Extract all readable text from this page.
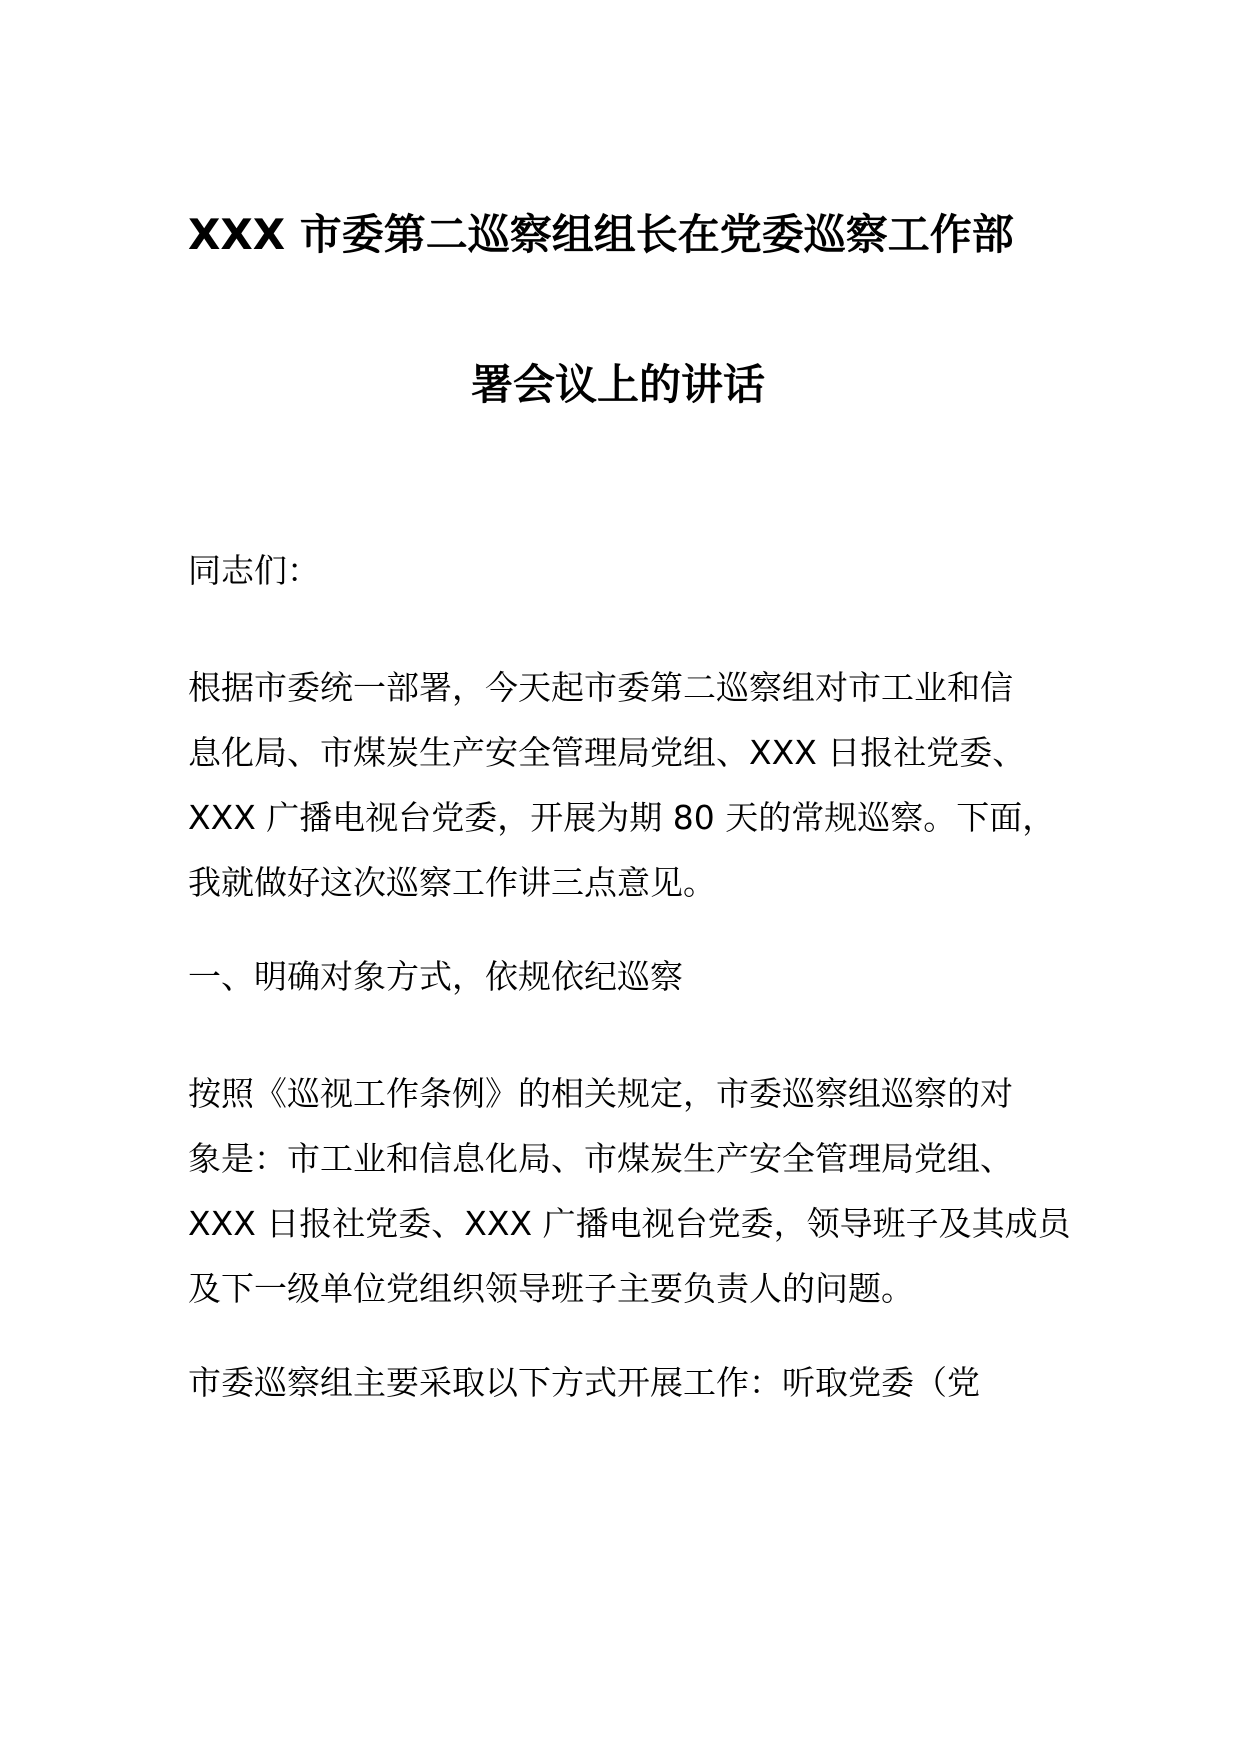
XXX 市委第二巡察组组长在党委巡察工作部
署会议上的讲话

同志们：

根据市委统一部署，今天起市委第二巡察组对市工业和信
息化局、市煤炭生产安全管理局党组、XXX 日报社党委、
XXX 广播电视台党委，开展为期 80 天的常规巡察。下面，
我就做好这次巡察工作讲三点意见。

一、明确对象方式，依规依纪巡察

按照《巡视工作条例》的相关规定，市委巡察组巡察的对
象是：市工业和信息化局、市煤炭生产安全管理局党组、
XXX 日报社党委、XXX 广播电视台党委，领导班子及其成员
及下一级单位党组织领导班子主要负责人的问题。
市委巡察组主要采取以下方式开展工作：听取党委（党
